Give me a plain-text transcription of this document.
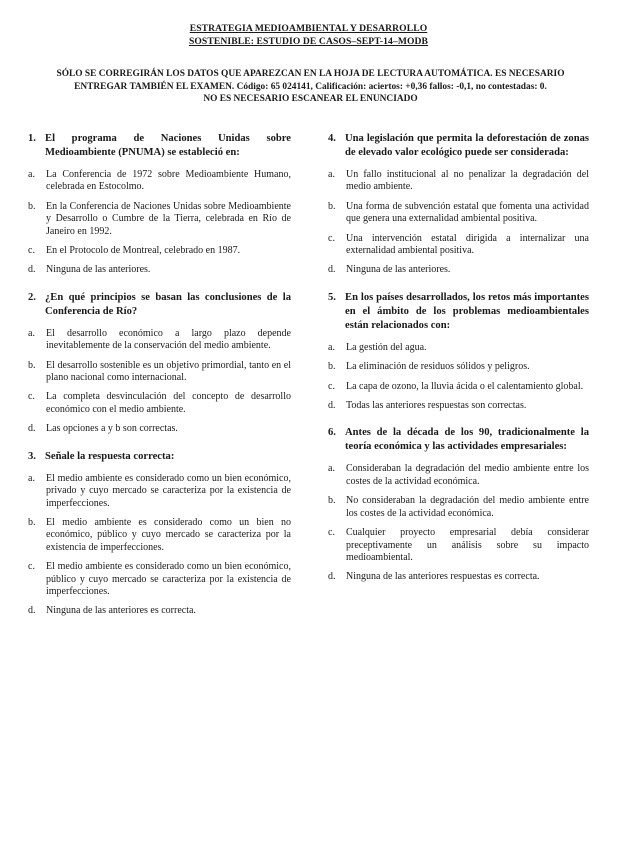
ESTRATEGIA MEDIOAMBIENTAL Y DESARROLLO
SOSTENIBLE: ESTUDIO DE CASOS–SEPT-14–MODB
SÓLO SE CORREGIRÁN LOS DATOS QUE APAREZCAN EN LA HOJA DE LECTURA AUTOMÁTICA. ES NECESARIO
ENTREGAR TAMBIÉN EL EXAMEN. Código: 65 024141, Calificación: aciertos: +0,36 fallos: -0,1, no contestadas: 0.
NO ES NECESARIO ESCANEAR EL ENUNCIADO
1. El programa de Naciones Unidas sobre Medioambiente (PNUMA) se estableció en:
a.	La Conferencia de 1972 sobre Medioambiente Humano, celebrada en Estocolmo.
b.	En la Conferencia de Naciones Unidas sobre Medioambiente y Desarrollo o Cumbre de la Tierra, celebrada en Río de Janeiro en 1992.
c.	En el Protocolo de Montreal, celebrado en 1987.
d.	Ninguna de las anteriores.
2. ¿En qué principios se basan las conclusiones de la Conferencia de Río?
a.	El desarrollo económico a largo plazo depende inevitablemente de la conservación del medio ambiente.
b.	El desarrollo sostenible es un objetivo primordial, tanto en el plano nacional como internacional.
c.	La completa desvinculación del concepto de desarrollo económico con el medio ambiente.
d.	Las opciones a y b son correctas.
3. Señale la respuesta correcta:
a.	El medio ambiente es considerado como un bien económico, privado y cuyo mercado se caracteriza por la existencia de imperfecciones.
b.	El medio ambiente es considerado como un bien no económico, público y cuyo mercado se caracteriza por la existencia de imperfecciones.
c.	El medio ambiente es considerado como un bien económico, público y cuyo mercado se caracteriza por la existencia de imperfecciones.
d.	Ninguna de las anteriores es correcta.
4. Una legislación que permita la deforestación de zonas de elevado valor ecológico puede ser considerada:
a.	Un fallo institucional al no penalizar la degradación del medio ambiente.
b.	Una forma de subvención estatal que fomenta una actividad que genera una externalidad ambiental positiva.
c.	Una intervención estatal dirigida a internalizar una externalidad ambiental positiva.
d.	Ninguna de las anteriores.
5. En los países desarrollados, los retos más importantes en el ámbito de los problemas medioambientales están relacionados con:
a.	La gestión del agua.
b.	La eliminación de residuos sólidos y peligros.
c.	La capa de ozono, la lluvia ácida o el calentamiento global.
d.	Todas las anteriores respuestas son correctas.
6. Antes de la década de los 90, tradicionalmente la teoría económica y las actividades empresariales:
a.	Consideraban la degradación del medio ambiente entre los costes de la actividad económica.
b.	No consideraban la degradación del medio ambiente entre los costes de la actividad económica.
c.	Cualquier proyecto empresarial debía considerar preceptivamente un análisis sobre su impacto medioambiental.
d.	Ninguna de las anteriores respuestas es correcta.
